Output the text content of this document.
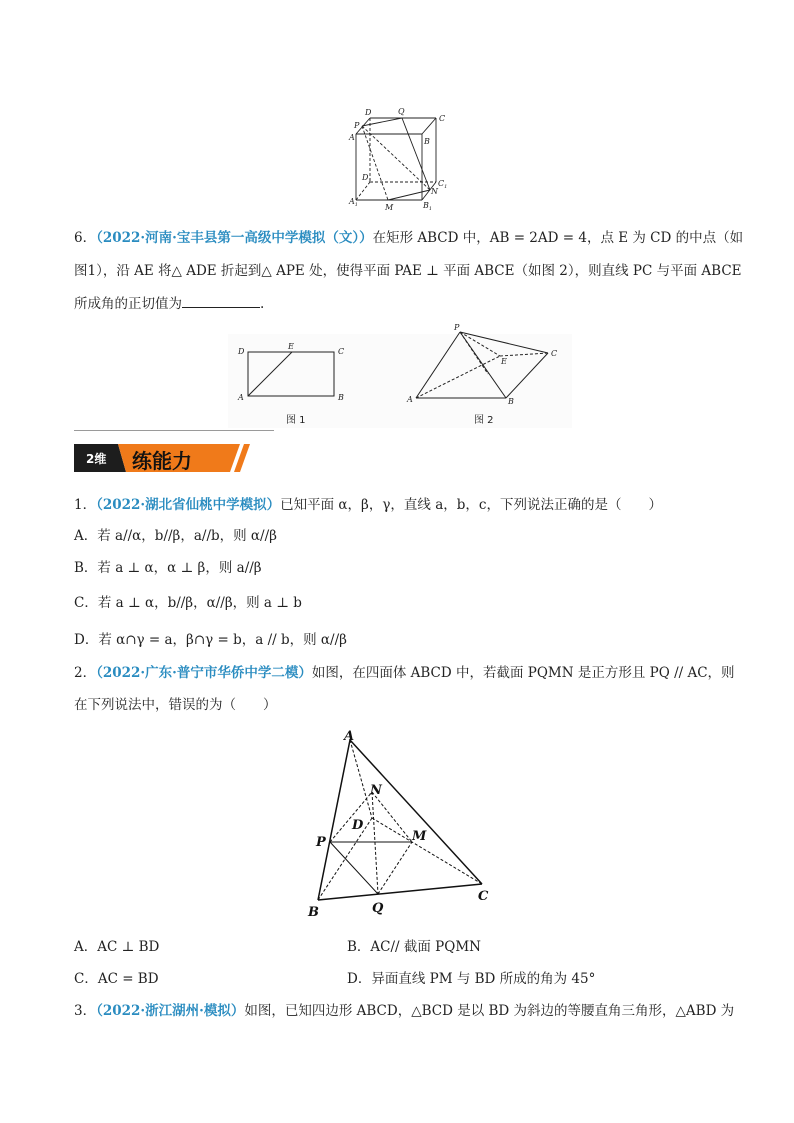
D	Q
C
P
A	B
$D_1$	$C_1$
N
$A_1$	M	$B_1$
6．（2022·河南·宝丰县第一高级中学模拟（文））在矩形 ABCD 中，AB = 2AD = 4，点 E 为 CD 的中点（如
图1），沿 AE 将△ ADE 折起到△ APE 处，使得平面 PAE ⊥ 平面 ABCE（如图 2），则直线 PC 与平面 ABCE
所成角的正切值为	.
D
E
C
A	B
图 1
P
C
E
A	B
图 2
2维 练能力
1．（2022·湖北省仙桃中学模拟）已知平面 α，β，γ，直线 a，b，c，下列说法正确的是（　　）
A．若 a//α，b//β，a//b，则 α//β
B．若 a ⊥ α，α ⊥ β，则 a//β
C．若 a ⊥ α，b//β，α//β，则 a ⊥ b
D．若 α∩γ = a，β∩γ = b，a // b，则 α//β
2．（2022·广东·普宁市华侨中学二模）如图，在四面体 ABCD 中，若截面 PQMN 是正方形且 PQ // AC，则
在下列说法中，错误的为（　　）
A
N
D
M
P
B	Q
C
A．AC ⊥ BD	B．AC// 截面 PQMN
C．AC = BD	D．异面直线 PM 与 BD 所成的角为 45°
3．（2022·浙江湖州·模拟）如图，已知四边形 ABCD，△BCD 是以 BD 为斜边的等腰直角三角形，△ABD 为
